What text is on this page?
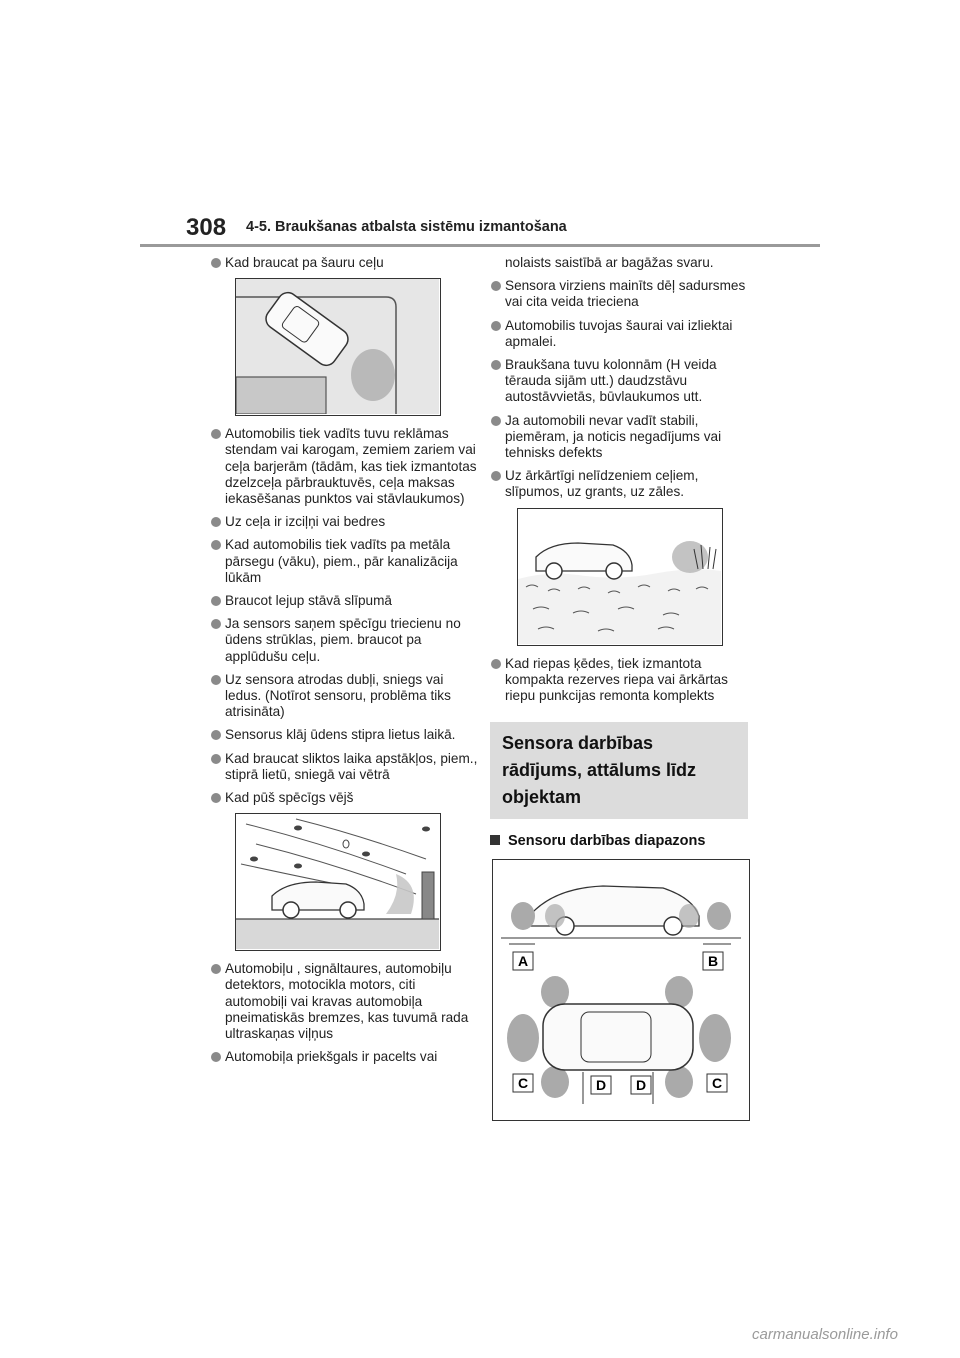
308 4-5. Braukšanas atbalsta sistēmu izmantošana
Kad braucat pa šauru ceļu
Automobilis tiek vadīts tuvu reklāmas stendam vai karogam, zemiem zariem vai ceļa barjerām (tādām, kas tiek izmantotas dzelzceļa pārbrauktuvēs, ceļa maksas iekasēšanas punktos vai stāvlaukumos)
Uz ceļa ir izciļņi vai bedres
Kad automobilis tiek vadīts pa metāla pārsegu (vāku), piem., pār kanalizācija lūkām
Braucot lejup stāvā slīpumā
Ja sensors saņem spēcīgu triecienu no ūdens strūklas, piem. braucot pa applūdušu ceļu.
Uz sensora atrodas dubļi, sniegs vai ledus. (Notīrot sensoru, problēma tiks atrisināta)
Sensorus klāj ūdens stipra lietus laikā.
Kad braucat sliktos laika apstākļos, piem., stiprā lietū, sniegā vai vētrā
Kad pūš spēcīgs vējš
Automobiļu , signāltaures, automobiļu detektors, motocikla motors, citi automobiļi vai kravas automobiļa pneimatiskās bremzes, kas tuvumā rada ultraskaņas viļņus
Automobiļa priekšgals ir pacelts vai
nolaists saistībā ar bagāžas svaru.
Sensora virziens mainīts dēļ sadursmes vai cita veida trieciena
Automobilis tuvojas šaurai vai izliektai apmalei.
Braukšana tuvu kolonnām (H veida tērauda sijām utt.) daudzstāvu autostāvvietās, būvlaukumos utt.
Ja automobili nevar vadīt stabili, piemēram, ja noticis negadījums vai tehnisks defekts
Uz ārkārtīgi nelīdzeniem ceļiem, slīpumos, uz grants, uz zāles.
Kad riepas ķēdes, tiek izmantota kompakta rezerves riepa vai ārkārtas riepu punkcijas remonta komplekts
Sensora darbības rādījums, attālums līdz objektam
Sensoru darbības diapazons
A	B
C	D D	C
carmanualsonline.info
